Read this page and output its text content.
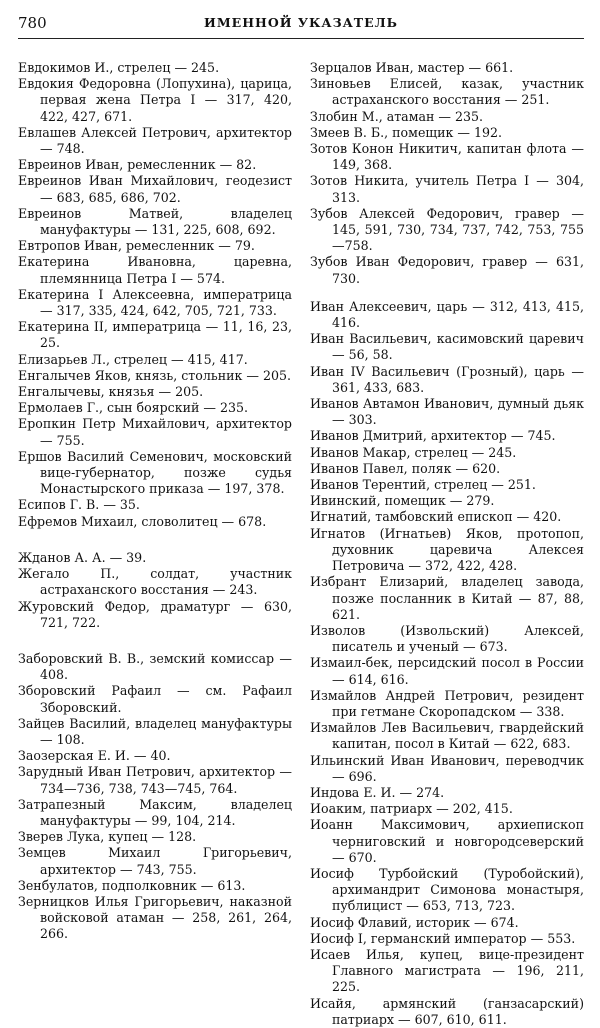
780	ИМЕННОЙ УКАЗАТЕЛЬ

Евдокимов И., стрелец — 245.

Евдокия Федоровна (Лопухина), царица, первая жена Петра I — 317, 420, 422, 427, 671.

Евлашев Алексей Петрович, архитектор — 748.

Евреинов Иван, ремесленник — 82.

Евреинов Иван Михайлович, геодезист — 683, 685, 686, 702.

Евреинов Матвей, владелец мануфактуры — 131, 225, 608, 692.

Евтропов Иван, ремесленник — 79.

Екатерина Ивановна, царевна, племянница Петра I — 574.

Екатерина I Алексеевна, императрица — 317, 335, 424, 642, 705, 721, 733.

Екатерина II, императрица — 11, 16, 23, 25.

Елизарьев Л., стрелец — 415, 417.

Енгалычев Яков, князь, стольник — 205.

Енгалычевы, князья — 205.

Ермолаев Г., сын боярский — 235.

Еропкин Петр Михайлович, архитектор — 755.

Ершов Василий Семенович, московский вице-губернатор, позже судья Монастырского приказа — 197, 378.

Есипов Г. В. — 35.

Ефремов Михаил, словолитец — 678.

Жданов А. А. — 39.

Жегало П., солдат, участник астраханского восстания — 243.

Журовский Федор, драматург — 630, 721, 722.

Заборовский В. В., земский комиссар — 408.

Зборовский Рафаил — см. Рафаил Зборовский.

Зайцев Василий, владелец мануфактуры — 108.

Заозерская Е. И. — 40.

Зарудный Иван Петрович, архитектор — 734—736, 738, 743—745, 764.

Затрапезный Максим, владелец мануфактуры — 99, 104, 214.

Зверев Лука, купец — 128.

Земцев Михаил Григорьевич, архитектор — 743, 755.

Зенбулатов, подполковник — 613.

Зерницков Илья Григорьевич, наказной войсковой атаман — 258, 261, 264, 266.

Зерцалов Иван, мастер — 661.

Зиновьев Елисей, казак, участник астраханского восстания — 251.

Злобин М., атаман — 235.

Змеев В. Б., помещик — 192.

Зотов Конон Никитич, капитан флота — 149, 368.

Зотов Никита, учитель Петра I — 304, 313.

Зубов Алексей Федорович, гравер — 145, 591, 730, 734, 737, 742, 753, 755—758.

Зубов Иван Федорович, гравер — 631, 730.

Иван Алексеевич, царь — 312, 413, 415, 416.

Иван Васильевич, касимовский царевич — 56, 58.

Иван IV Васильевич (Грозный), царь — 361, 433, 683.

Иванов Автамон Иванович, думный дьяк — 303.

Иванов Дмитрий, архитектор — 745.

Иванов Макар, стрелец — 245.

Иванов Павел, поляк — 620.

Иванов Терентий, стрелец — 251.

Ивинский, помещик — 279.

Игнатий, тамбовский епископ — 420.

Игнатов (Игнатьев) Яков, протопоп, духовник царевича Алексея Петровича — 372, 422, 428.

Избрант Елизарий, владелец завода, позже посланник в Китай — 87, 88, 621.

Изволов (Извольский) Алексей, писатель и ученый — 673.

Измаил-бек, персидский посол в России — 614, 616.

Измайлов Андрей Петрович, резидент при гетмане Скоропадском — 338.

Измайлов Лев Васильевич, гвардейский капитан, посол в Китай — 622, 683.

Ильинский Иван Иванович, переводчик — 696.

Индова Е. И. — 274.

Иоаким, патриарх — 202, 415.

Иоанн Максимович, архиепископ черниговский и новгородсеверский — 670.

Иосиф Турбойский (Туробойский), архимандрит Симонова монастыря, публицист — 653, 713, 723.

Иосиф Флавий, историк — 674.

Иосиф I, германский император — 553.

Исаев Илья, купец, вице-президент Главного магистрата — 196, 211, 225.

Исайя, армянский (ганзасарский) патриарх — 607, 610, 611.
